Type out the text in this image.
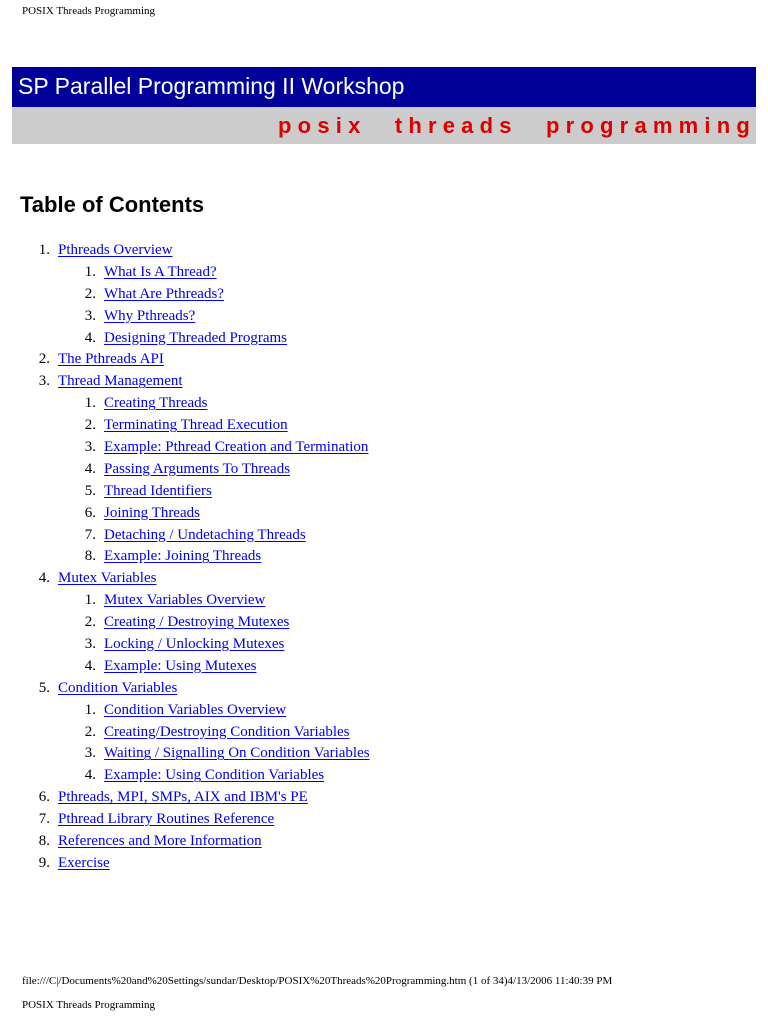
POSIX Threads Programming
SP Parallel Programming II Workshop
posix threads programming
Table of Contents
1. Pthreads Overview
1. What Is A Thread?
2. What Are Pthreads?
3. Why Pthreads?
4. Designing Threaded Programs
2. The Pthreads API
3. Thread Management
1. Creating Threads
2. Terminating Thread Execution
3. Example: Pthread Creation and Termination
4. Passing Arguments To Threads
5. Thread Identifiers
6. Joining Threads
7. Detaching / Undetaching Threads
8. Example: Joining Threads
4. Mutex Variables
1. Mutex Variables Overview
2. Creating / Destroying Mutexes
3. Locking / Unlocking Mutexes
4. Example: Using Mutexes
5. Condition Variables
1. Condition Variables Overview
2. Creating/Destroying Condition Variables
3. Waiting / Signalling On Condition Variables
4. Example: Using Condition Variables
6. Pthreads, MPI, SMPs, AIX and IBM's PE
7. Pthread Library Routines Reference
8. References and More Information
9. Exercise
file:///C|/Documents%20and%20Settings/sundar/Desktop/POSIX%20Threads%20Programming.htm (1 of 34)4/13/2006 11:40:39 PM
POSIX Threads Programming
